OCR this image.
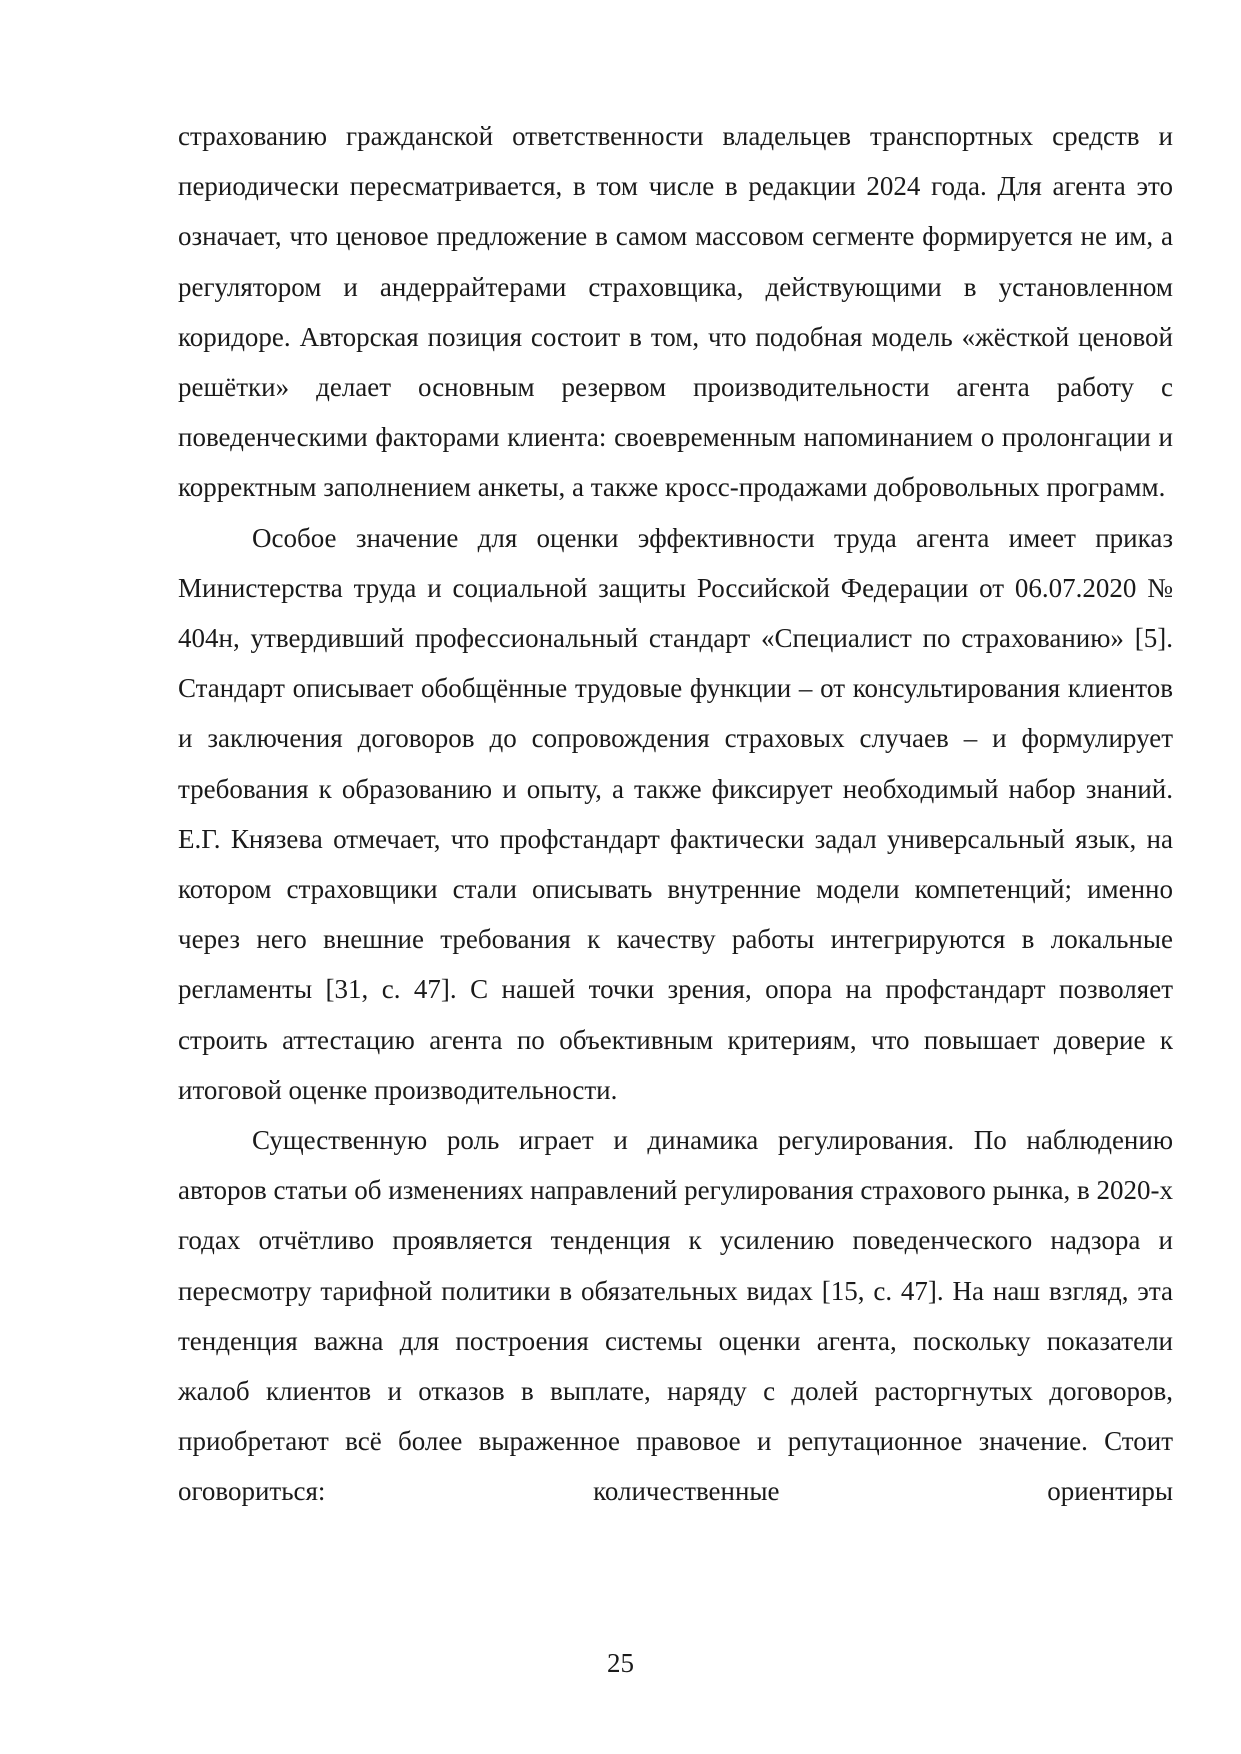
страхованию гражданской ответственности владельцев транспортных средств и периодически пересматривается, в том числе в редакции 2024 года. Для агента это означает, что ценовое предложение в самом массовом сегменте формируется не им, а регулятором и андеррайтерами страховщика, действующими в установленном коридоре. Авторская позиция состоит в том, что подобная модель «жёсткой ценовой решётки» делает основным резервом производительности агента работу с поведенческими факторами клиента: своевременным напоминанием о пролонгации и корректным заполнением анкеты, а также кросс-продажами добровольных программ.

Особое значение для оценки эффективности труда агента имеет приказ Министерства труда и социальной защиты Российской Федерации от 06.07.2020 № 404н, утвердивший профессиональный стандарт «Специалист по страхованию» [5]. Стандарт описывает обобщённые трудовые функции – от консультирования клиентов и заключения договоров до сопровождения страховых случаев – и формулирует требования к образованию и опыту, а также фиксирует необходимый набор знаний. Е.Г. Князева отмечает, что профстандарт фактически задал универсальный язык, на котором страховщики стали описывать внутренние модели компетенций; именно через него внешние требования к качеству работы интегрируются в локальные регламенты [31, с. 47]. С нашей точки зрения, опора на профстандарт позволяет строить аттестацию агента по объективным критериям, что повышает доверие к итоговой оценке производительности.

Существенную роль играет и динамика регулирования. По наблюдению авторов статьи об изменениях направлений регулирования страхового рынка, в 2020-х годах отчётливо проявляется тенденция к усилению поведенческого надзора и пересмотру тарифной политики в обязательных видах [15, с. 47]. На наш взгляд, эта тенденция важна для построения системы оценки агента, поскольку показатели жалоб клиентов и отказов в выплате, наряду с долей расторгнутых договоров, приобретают всё более выраженное правовое и репутационное значение. Стоит оговориться: количественные ориентиры

25
